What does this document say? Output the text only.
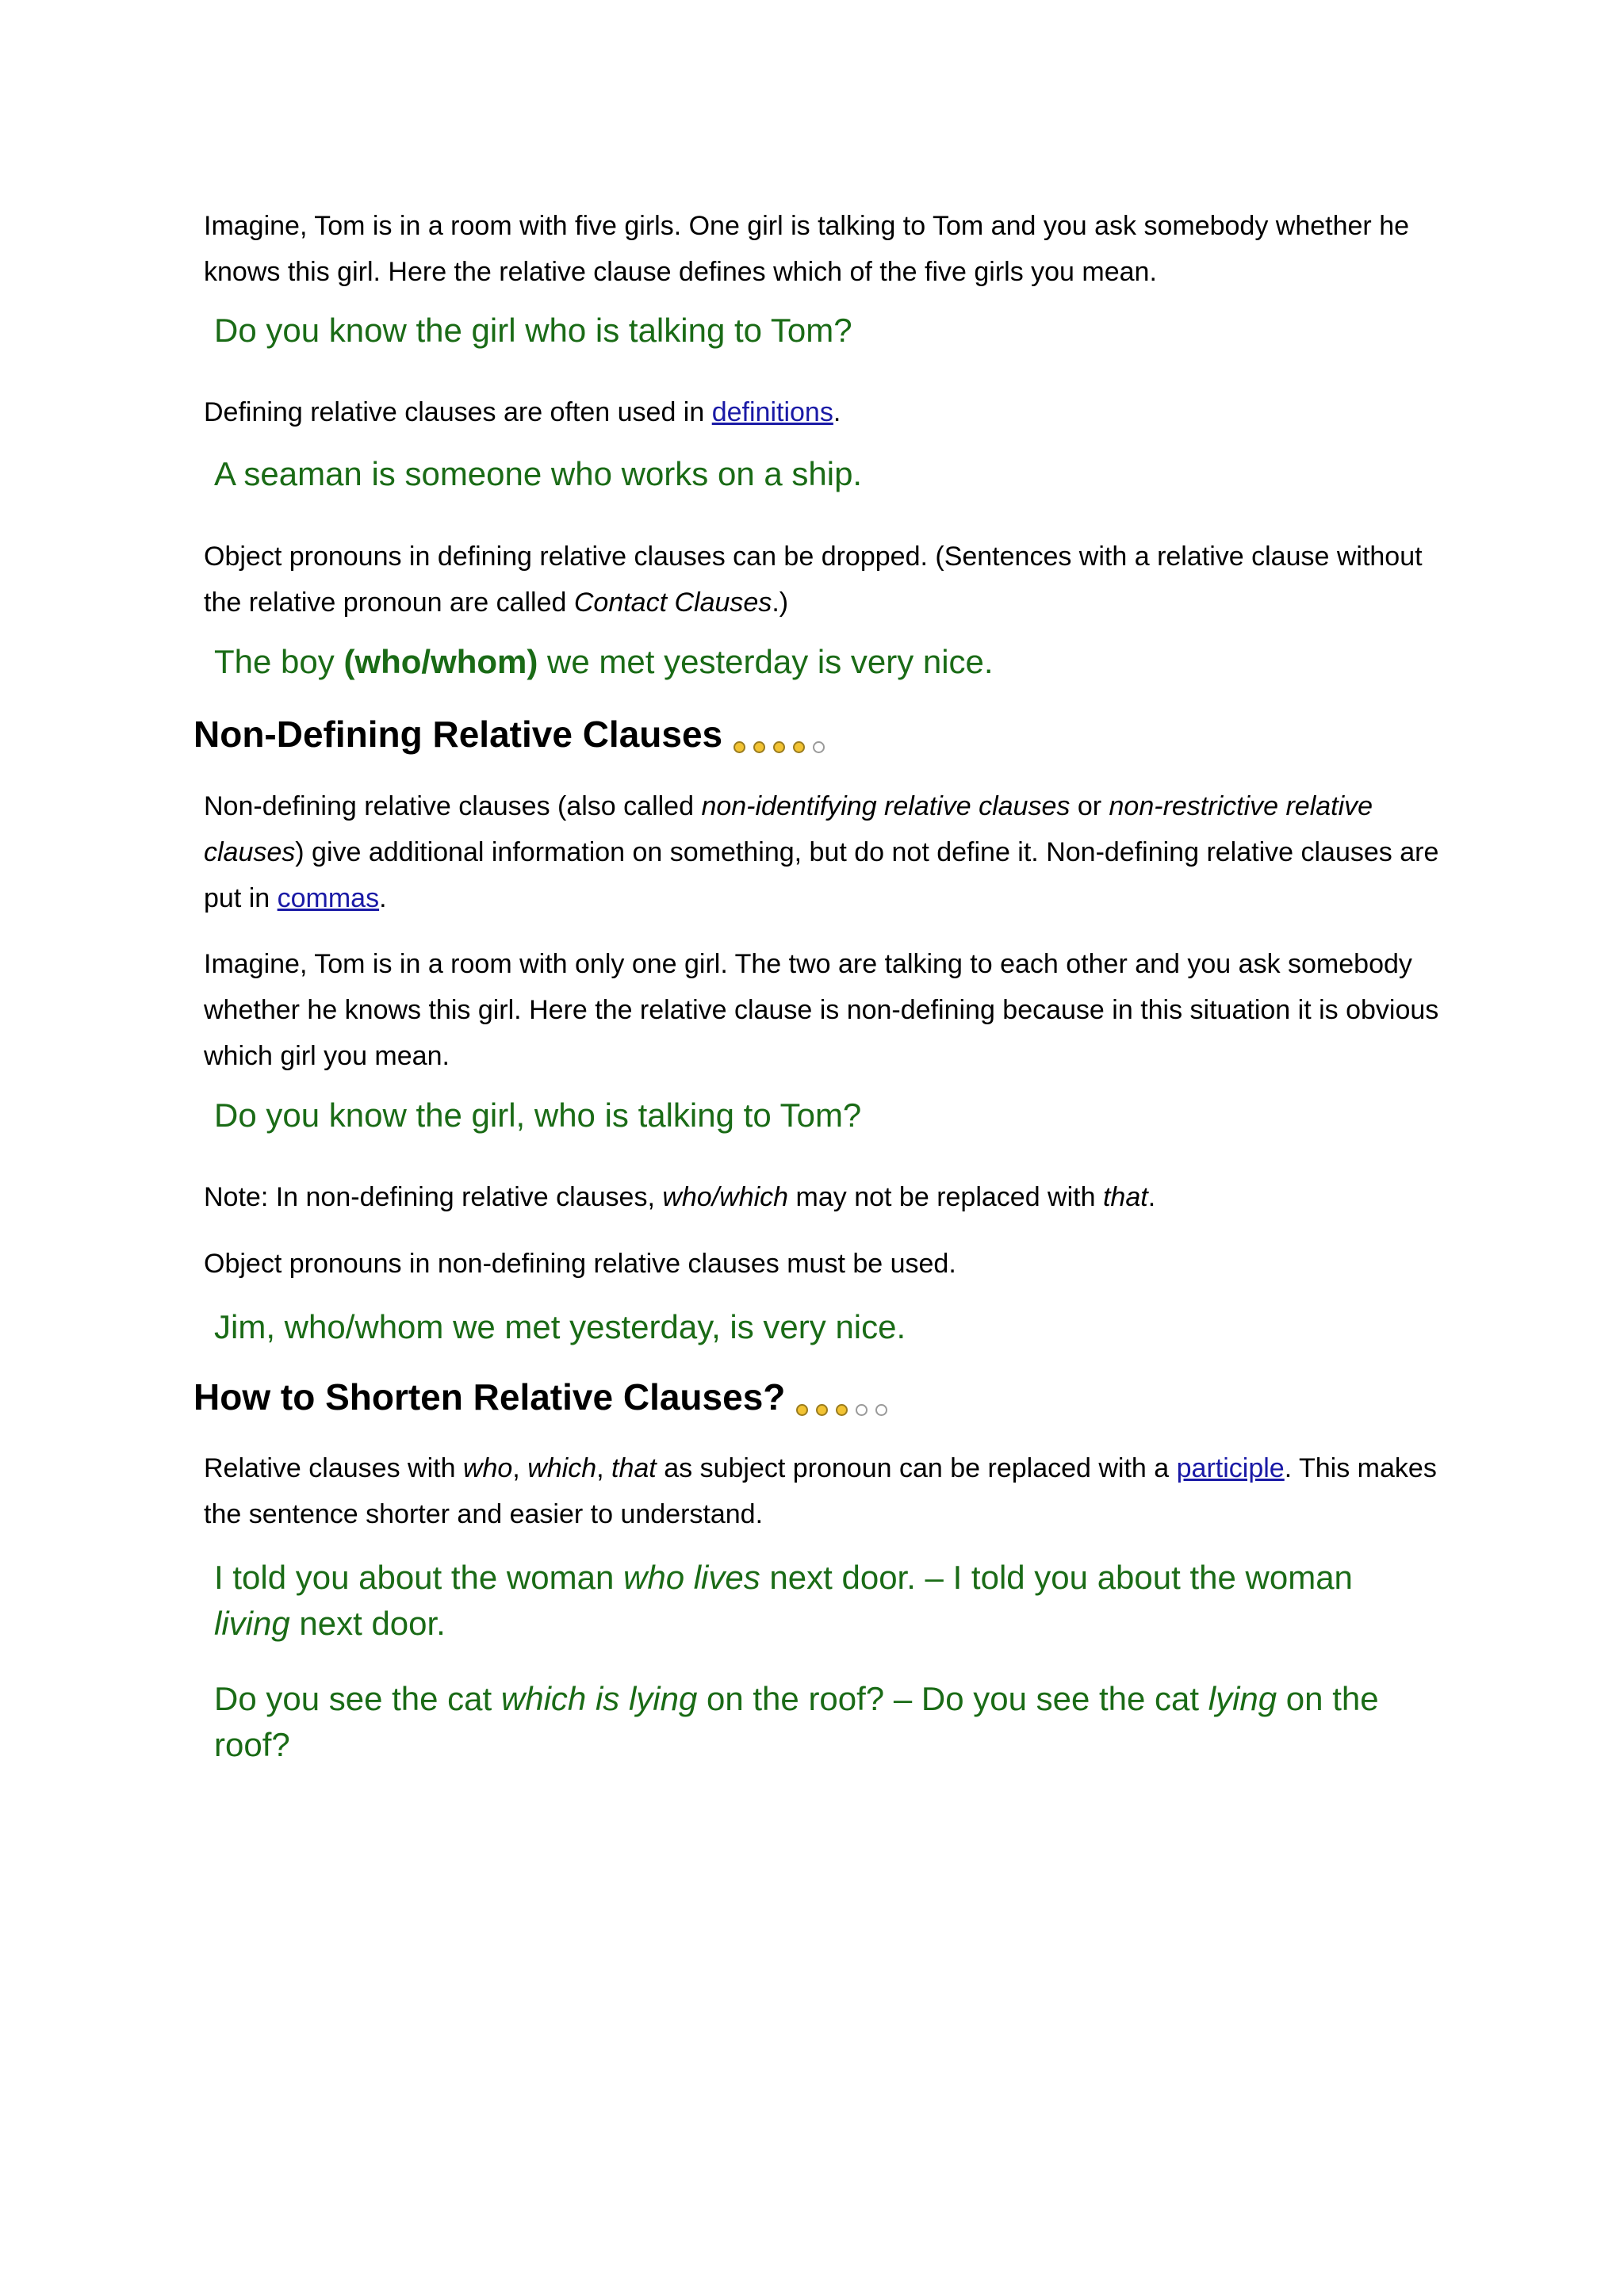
Imagine, Tom is in a room with five girls. One girl is talking to Tom and you ask somebody whether he knows this girl. Here the relative clause defines which of the five girls you mean.

Do you know the girl who is talking to Tom?

Defining relative clauses are often used in definitions.

A seaman is someone who works on a ship.

Object pronouns in defining relative clauses can be dropped. (Sentences with a relative clause without the relative pronoun are called Contact Clauses.)

The boy (who/whom) we met yesterday is very nice.

Non-Defining Relative Clauses

Non-defining relative clauses (also called non-identifying relative clauses or non-restrictive relative clauses) give additional information on something, but do not define it. Non-defining relative clauses are put in commas.

Imagine, Tom is in a room with only one girl. The two are talking to each other and you ask somebody whether he knows this girl. Here the relative clause is non-defining because in this situation it is obvious which girl you mean.

Do you know the girl, who is talking to Tom?

Note: In non-defining relative clauses, who/which may not be replaced with that.

Object pronouns in non-defining relative clauses must be used.

Jim, who/whom we met yesterday, is very nice.

How to Shorten Relative Clauses?

Relative clauses with who, which, that as subject pronoun can be replaced with a participle. This makes the sentence shorter and easier to understand.

I told you about the woman who lives next door. – I told you about the woman living next door.

Do you see the cat which is lying on the roof? – Do you see the cat lying on the roof?
